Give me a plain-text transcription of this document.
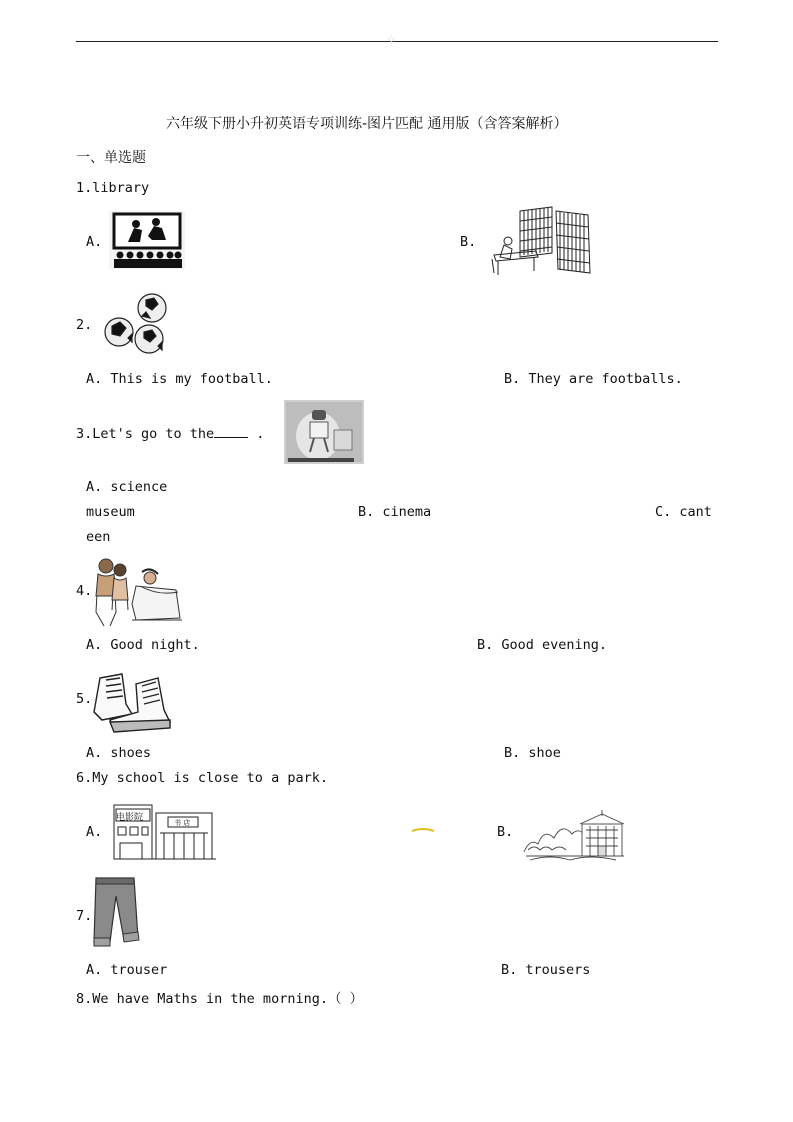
✧
六年级下册小升初英语专项训练-图片匹配 通用版（含答案解析）
一、单选题
1.library
A.	B.
2.
A. This is my football.	B. They are footballs.
3.Let's go to the	.
A. science
museum	B. cinema	C. cant
een
4.
A. Good night.	B. Good evening.
5.
A. shoes	B. shoe
6.My school is close to a park.
A.
电影院	书 店
B.
7.
A. trouser	B. trousers
8.We have Maths in the morning.（ ）
